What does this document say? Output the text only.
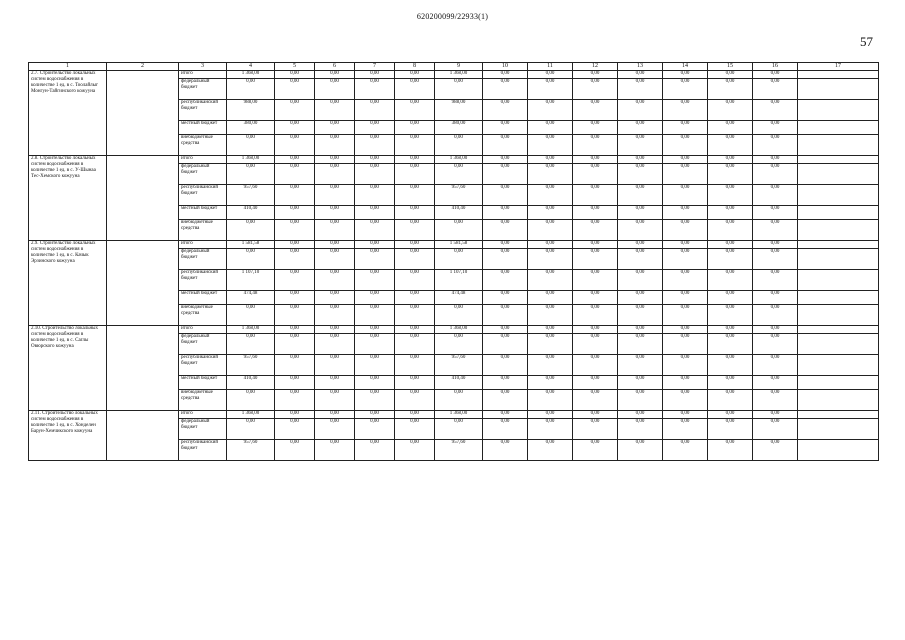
620200099/22933(1)
57
1	2	3	4	5	6	7	8	9	10	11	12	13	14	15	16	17
2.7. Строительство локальных систем водоснабжения в количестве 1 ед. в с. Тоолайлыг Монгун-Тайгинского кожууна		итого	1 368,00	0,00	0,00	0,00	0,00	1 368,00	0,00	0,00	0,00	0,00	0,00	0,00	0,00	
		федеральный бюджет	0,00	0,00	0,00	0,00	0,00	0,00	0,00	0,00	0,00	0,00	0,00	0,00	0,00	
		республиканский бюджет	988,00	0,00	0,00	0,00	0,00	988,00	0,00	0,00	0,00	0,00	0,00	0,00	0,00	
		местный бюджет	380,00	0,00	0,00	0,00	0,00	380,00	0,00	0,00	0,00	0,00	0,00	0,00	0,00	
		внебюджетные средства	0,00	0,00	0,00	0,00	0,00	0,00	0,00	0,00	0,00	0,00	0,00	0,00	0,00	
2.8. Строительство локальных систем водоснабжения в количестве 1 ед. в с. У-Шынаа Тес-Хемского кожууна		итого	1 368,00	0,00	0,00	0,00	0,00	1 368,00	0,00	0,00	0,00	0,00	0,00	0,00	0,00	
		федеральный бюджет	0,00	0,00	0,00	0,00	0,00	0,00	0,00	0,00	0,00	0,00	0,00	0,00	0,00	
		республиканский бюджет	957,60	0,00	0,00	0,00	0,00	957,60	0,00	0,00	0,00	0,00	0,00	0,00	0,00	
		местный бюджет	410,40	0,00	0,00	0,00	0,00	410,40	0,00	0,00	0,00	0,00	0,00	0,00	0,00	
		внебюджетные средства	0,00	0,00	0,00	0,00	0,00	0,00	0,00	0,00	0,00	0,00	0,00	0,00	0,00	
2.9. Строительство локальных систем водоснабжения в количестве 1 ед. в с. Качык Эрзинского кожууна		итого	1 581,58	0,00	0,00	0,00	0,00	1 581,58	0,00	0,00	0,00	0,00	0,00	0,00	0,00	
		федеральный бюджет	0,00	0,00	0,00	0,00	0,00	0,00	0,00	0,00	0,00	0,00	0,00	0,00	0,00	
		республиканский бюджет	1 107,10	0,00	0,00	0,00	0,00	1 107,10	0,00	0,00	0,00	0,00	0,00	0,00	0,00	
		местный бюджет	474,48	0,00	0,00	0,00	0,00	474,48	0,00	0,00	0,00	0,00	0,00	0,00	0,00	
		внебюджетные средства	0,00	0,00	0,00	0,00	0,00	0,00	0,00	0,00	0,00	0,00	0,00	0,00	0,00	
2.10. Строительство локальных систем водоснабжения в количестве 1 ед. в с. Саглы Овюрского кожууна		итого	1 368,00	0,00	0,00	0,00	0,00	1 368,00	0,00	0,00	0,00	0,00	0,00	0,00	0,00	
		федеральный бюджет	0,00	0,00	0,00	0,00	0,00	0,00	0,00	0,00	0,00	0,00	0,00	0,00	0,00	
		республиканский бюджет	957,60	0,00	0,00	0,00	0,00	957,60	0,00	0,00	0,00	0,00	0,00	0,00	0,00	
		местный бюджет	410,40	0,00	0,00	0,00	0,00	410,40	0,00	0,00	0,00	0,00	0,00	0,00	0,00	
		внебюджетные средства	0,00	0,00	0,00	0,00	0,00	0,00	0,00	0,00	0,00	0,00	0,00	0,00	0,00	
2.11. Строительство локальных систем водоснабжения в количестве 1 ед. в с. Хонделен Барун-Хемчикского кожууна		итого	1 368,00	0,00	0,00	0,00	0,00	1 368,00	0,00	0,00	0,00	0,00	0,00	0,00	0,00	
		федеральный бюджет	0,00	0,00	0,00	0,00	0,00	0,00	0,00	0,00	0,00	0,00	0,00	0,00	0,00	
		республиканский бюджет	957,60	0,00	0,00	0,00	0,00	957,60	0,00	0,00	0,00	0,00	0,00	0,00	0,00	
